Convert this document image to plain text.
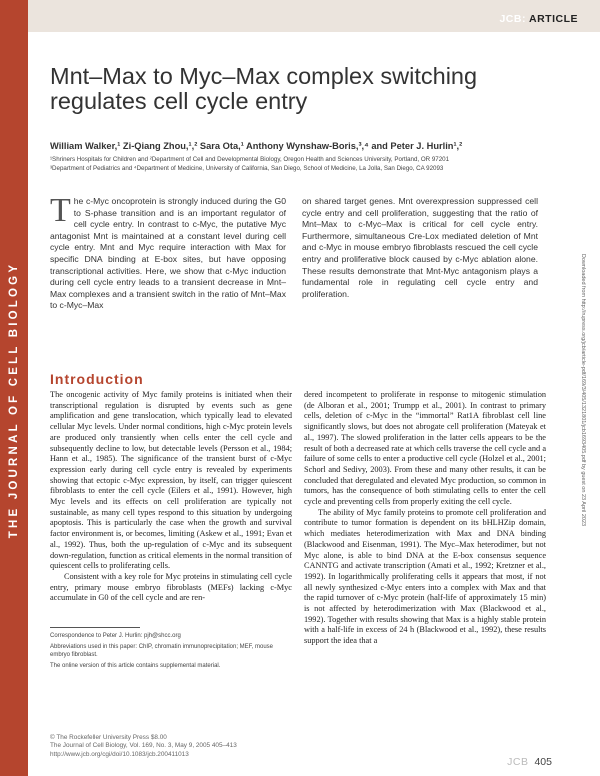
THE JOURNAL OF CELL BIOLOGY
JCB: ARTICLE
Mnt–Max to Myc–Max complex switching regulates cell cycle entry
William Walker,¹ Zi-Qiang Zhou,¹,² Sara Ota,¹ Anthony Wynshaw-Boris,³,⁴ and Peter J. Hurlin¹,²
¹Shriners Hospitals for Children and ²Department of Cell and Developmental Biology, Oregon Health and Sciences University, Portland, OR 97201
³Department of Pediatrics and ⁴Department of Medicine, University of California, San Diego, School of Medicine, La Jolla, San Diego, CA 92093

The c-Myc oncoprotein is strongly induced during the G0 to S-phase transition and is an important regulator of cell cycle entry. In contrast to c-Myc, the putative Myc antagonist Mnt is maintained at a constant level during cell cycle entry. Mnt and Myc require interaction with Max for specific DNA binding at E-box sites, but have opposing transcriptional activities. Here, we show that c-Myc induction during cell cycle entry leads to a transient decrease in Mnt–Max complexes and a transient switch in the ratio of Mnt–Max to c-Myc–Max

on shared target genes. Mnt overexpression suppressed cell cycle entry and cell proliferation, suggesting that the ratio of Mnt–Max to c-Myc–Max is critical for cell cycle entry. Furthermore, simultaneous Cre-Lox mediated deletion of Mnt and c-Myc in mouse embryo fibroblasts rescued the cell cycle entry and proliferative block caused by c-Myc ablation alone. These results demonstrate that Mnt-Myc antagonism plays a fundamental role in regulating cell cycle entry and proliferation.

Introduction

The oncogenic activity of Myc family proteins is initiated when their transcriptional regulation is disrupted by events such as gene amplification and gene translocation, which typically lead to elevated cellular Myc levels. Under normal conditions, high c-Myc protein levels are produced only transiently when cells enter the cell cycle and subsequently decline to low, but detectable levels (Persson et al., 1984; Hann et al., 1985). The significance of the transient burst of c-Myc expression early during cell cycle entry is revealed by experiments showing that ectopic c-Myc expression, by itself, can trigger quiescent fibroblasts to enter the cell cycle (Eilers et al., 1991). However, high Myc levels and its effects on cell proliferation are typically not sustainable, as many cell types respond to this situation by undergoing apoptosis. This is particularly the case when the growth and survival factor environment is, or becomes, limiting (Askew et al., 1991; Evan et al., 1992). Thus, both the up-regulation of c-Myc and its subsequent down-regulation, function as critical elements in the normal transition of quiescent cells to proliferating cells.

Consistent with a key role for Myc proteins in stimulating cell cycle entry, primary mouse embryo fibroblasts (MEFs) lacking c-Myc accumulate in G0 of the cell cycle and are ren-

dered incompetent to proliferate in response to mitogenic stimulation (de Alboran et al., 2001; Trumpp et al., 2001). In contrast to primary cells, deletion of c-Myc in the “immortal” Rat1A fibroblast cell line significantly slows, but does not abrogate cell proliferation (Mateyak et al., 1997). The slowed proliferation in the latter cells appears to be the result of both a decreased rate at which cells traverse the cell cycle and a failure of some cells to enter a productive cell cycle (Holzel et al., 2001; Schorl and Sedivy, 2003). From these and many other results, it can be concluded that deregulated and elevated Myc production, so common in tumors, has the consequence of both stimulating cells to enter the cell cycle and preventing cells from properly exiting the cell cycle.

The ability of Myc family proteins to promote cell proliferation and contribute to tumor formation is dependent on its bHLHZip domain, which mediates heterodimerization with Max and DNA binding (Blackwood and Eisenman, 1991). The Myc–Max heterodimer, but not Myc alone, is able to bind DNA at the E-box consensus sequence CANNTG and activate transcription (Amati et al., 1992; Kretzner et al., 1992). In logarithmically proliferating cells it appears that most, if not all newly synthesized c-Myc enters into a complex with Max and that the rapid turnover of c-Myc protein (half-life of approximately 15 min) is not affected by heterodimerization with Max (Blackwood et al., 1992). Together with results showing that Max is a highly stable protein with a half-life in excess of 24 h (Blackwood et al., 1992), these results support the idea that a

Correspondence to Peter J. Hurlin: pjh@shcc.org
Abbreviations used in this paper: ChIP, chromatin immunoprecipitation; MEF, mouse embryo fibroblast.
The online version of this article contains supplemental material.
© The Rockefeller University Press $8.00
The Journal of Cell Biology, Vol. 169, No. 3, May 9, 2005 405–413
http://www.jcb.org/cgi/doi/10.1083/jcb.200411013
JCB 405
Downloaded from http://rupress.org/jcb/article-pdf/169/3/405/1321801/jcb1693405.pdf by guest on 23 April 2023
